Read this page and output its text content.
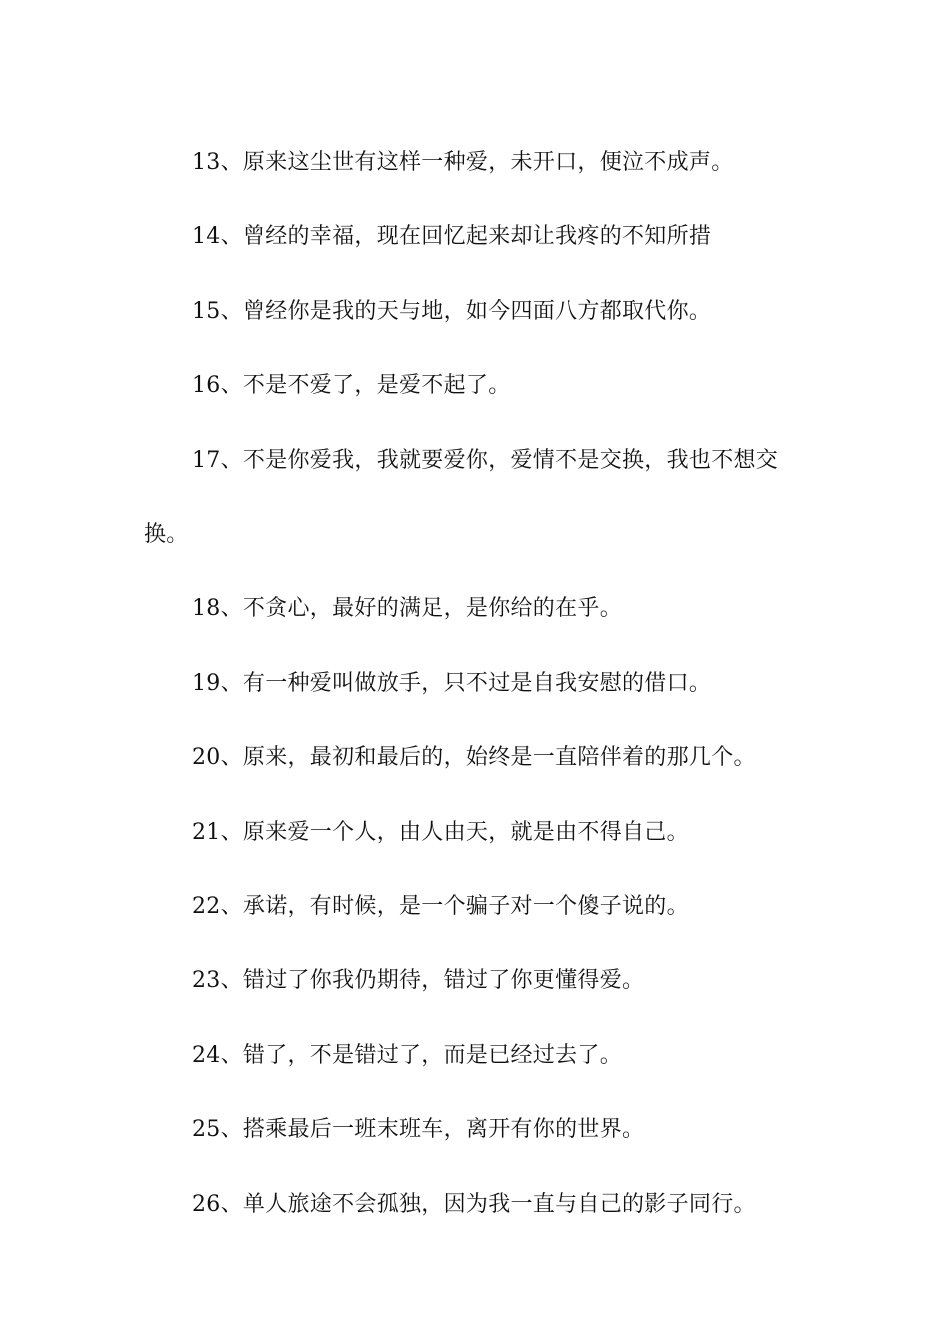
13、原来这尘世有这样一种爱，未开口，便泣不成声。

14、曾经的幸福，现在回忆起来却让我疼的不知所措

15、曾经你是我的天与地，如今四面八方都取代你。

16、不是不爱了，是爱不起了。

17、不是你爱我，我就要爱你，爱情不是交换，我也不想交换。

18、不贪心，最好的满足，是你给的在乎。

19、有一种爱叫做放手，只不过是自我安慰的借口。

20、原来，最初和最后的，始终是一直陪伴着的那几个。

21、原来爱一个人，由人由天，就是由不得自己。

22、承诺，有时候，是一个骗子对一个傻子说的。

23、错过了你我仍期待，错过了你更懂得爱。

24、错了，不是错过了，而是已经过去了。

25、搭乘最后一班末班车，离开有你的世界。

26、单人旅途不会孤独，因为我一直与自己的影子同行。
